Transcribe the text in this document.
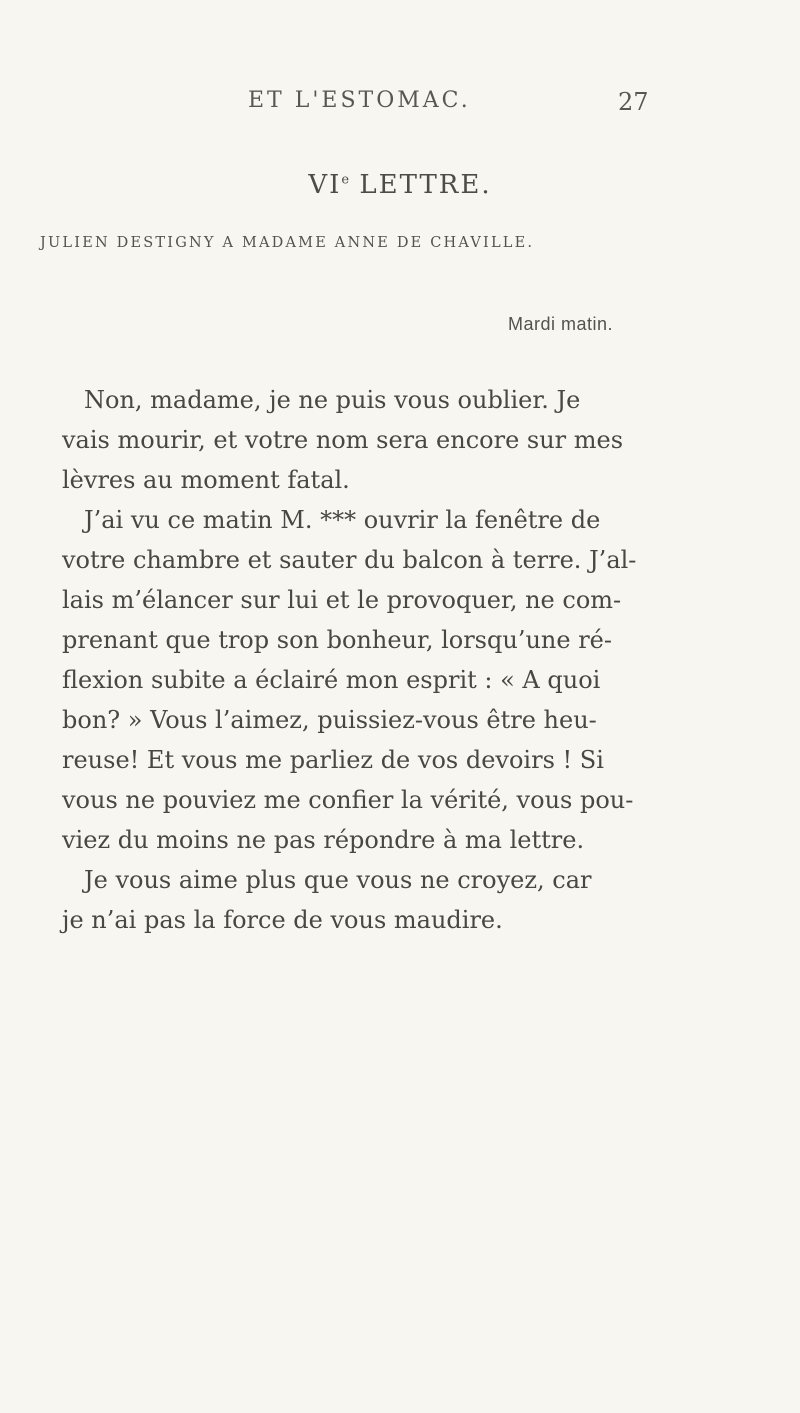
ET L'ESTOMAC.	27
VIe LETTRE.
JULIEN DESTIGNY A MADAME ANNE DE CHAVILLE.
Mardi matin.
Non, madame, je ne puis vous oublier. Je
vais mourir, et votre nom sera encore sur mes
lèvres au moment fatal.
J’ai vu ce matin M. *** ouvrir la fenêtre de
votre chambre et sauter du balcon à terre. J’al-
lais m’élancer sur lui et le provoquer, ne com-
prenant que trop son bonheur, lorsqu’une ré-
flexion subite a éclairé mon esprit : « A quoi
bon? » Vous l’aimez, puissiez-vous être heu-
reuse! Et vous me parliez de vos devoirs ! Si
vous ne pouviez me confier la vérité, vous pou-
viez du moins ne pas répondre à ma lettre.
Je vous aime plus que vous ne croyez, car
je n’ai pas la force de vous maudire.
